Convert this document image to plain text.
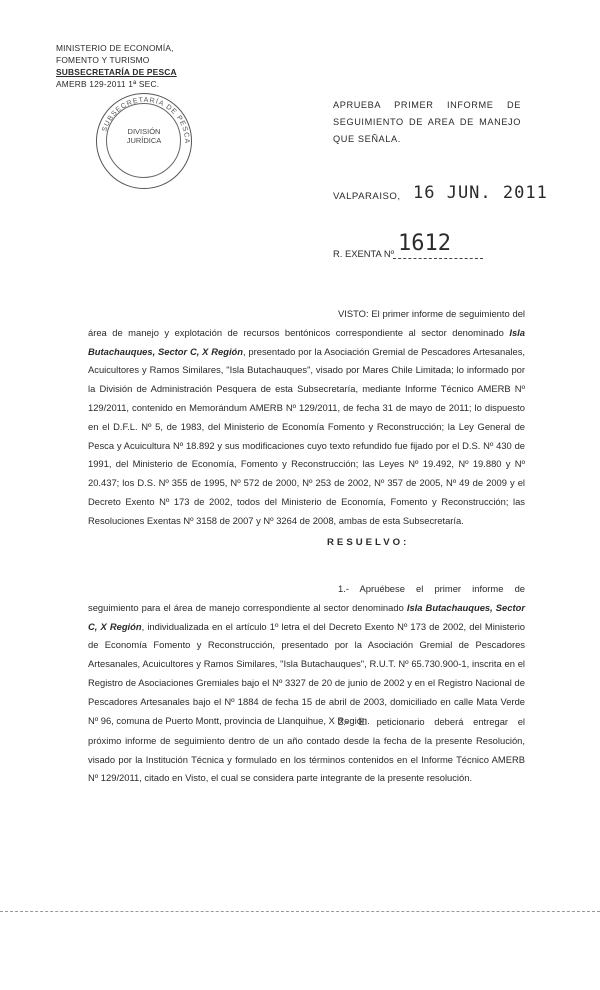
MINISTERIO DE ECONOMÍA,
FOMENTO Y TURISMO
SUBSECRETARÍA DE PESCA
AMERB 129-2011 1ª SEC.
SUBSECRETARÍA DE PESCA
DIVISIÓN
JURÍDICA
APRUEBA PRIMER INFORME DE SEGUIMIENTO DE AREA DE MANEJO QUE SEÑALA.
VALPARAISO, 16 JUN. 2011
R. EXENTA Nº 1612
VISTO: El primer informe de seguimiento del área de manejo y explotación de recursos bentónicos correspondiente al sector denominado Isla Butachauques, Sector C, X Región, presentado por la Asociación Gremial de Pescadores Artesanales, Acuicultores y Ramos Similares, "Isla Butachauques", visado por Mares Chile Limitada; lo informado por la División de Administración Pesquera de esta Subsecretaría, mediante Informe Técnico AMERB Nº 129/2011, contenido en Memorándum AMERB Nº 129/2011, de fecha 31 de mayo de 2011; lo dispuesto en el D.F.L. Nº 5, de 1983, del Ministerio de Economía Fomento y Reconstrucción; la Ley General de Pesca y Acuicultura Nº 18.892 y sus modificaciones cuyo texto refundido fue fijado por el D.S. Nº 430 de 1991, del Ministerio de Economía, Fomento y Reconstrucción; las Leyes Nº 19.492, Nº 19.880 y Nº 20.437; los D.S. Nº 355 de 1995, Nº 572 de 2000, Nº 253 de 2002, Nº 357 de 2005, Nº 49 de 2009 y el Decreto Exento Nº 173 de 2002, todos del Ministerio de Economía, Fomento y Reconstrucción; las Resoluciones Exentas Nº 3158 de 2007 y Nº 3264 de 2008, ambas de esta Subsecretaría.
RESUELVO:
1.- Apruébese el primer informe de seguimiento para el área de manejo correspondiente al sector denominado Isla Butachauques, Sector C, X Región, individualizada en el artículo 1º letra el del Decreto Exento Nº 173 de 2002, del Ministerio de Economía Fomento y Reconstrucción, presentado por la Asociación Gremial de Pescadores Artesanales, Acuicultores y Ramos Similares, "Isla Butachauques", R.U.T. Nº 65.730.900-1, inscrita en el Registro de Asociaciones Gremiales bajo el Nº 3327 de 20 de junio de 2002 y en el Registro Nacional de Pescadores Artesanales bajo el Nº 1884 de fecha 15 de abril de 2003, domiciliado en calle Mata Verde Nº 96, comuna de Puerto Montt, provincia de Llanquihue, X Región.
2.- El peticionario deberá entregar el próximo informe de seguimiento dentro de un año contado desde la fecha de la presente Resolución, visado por la Institución Técnica y formulado en los términos contenidos en el Informe Técnico AMERB Nº 129/2011, citado en Visto, el cual se considera parte integrante de la presente resolución.
